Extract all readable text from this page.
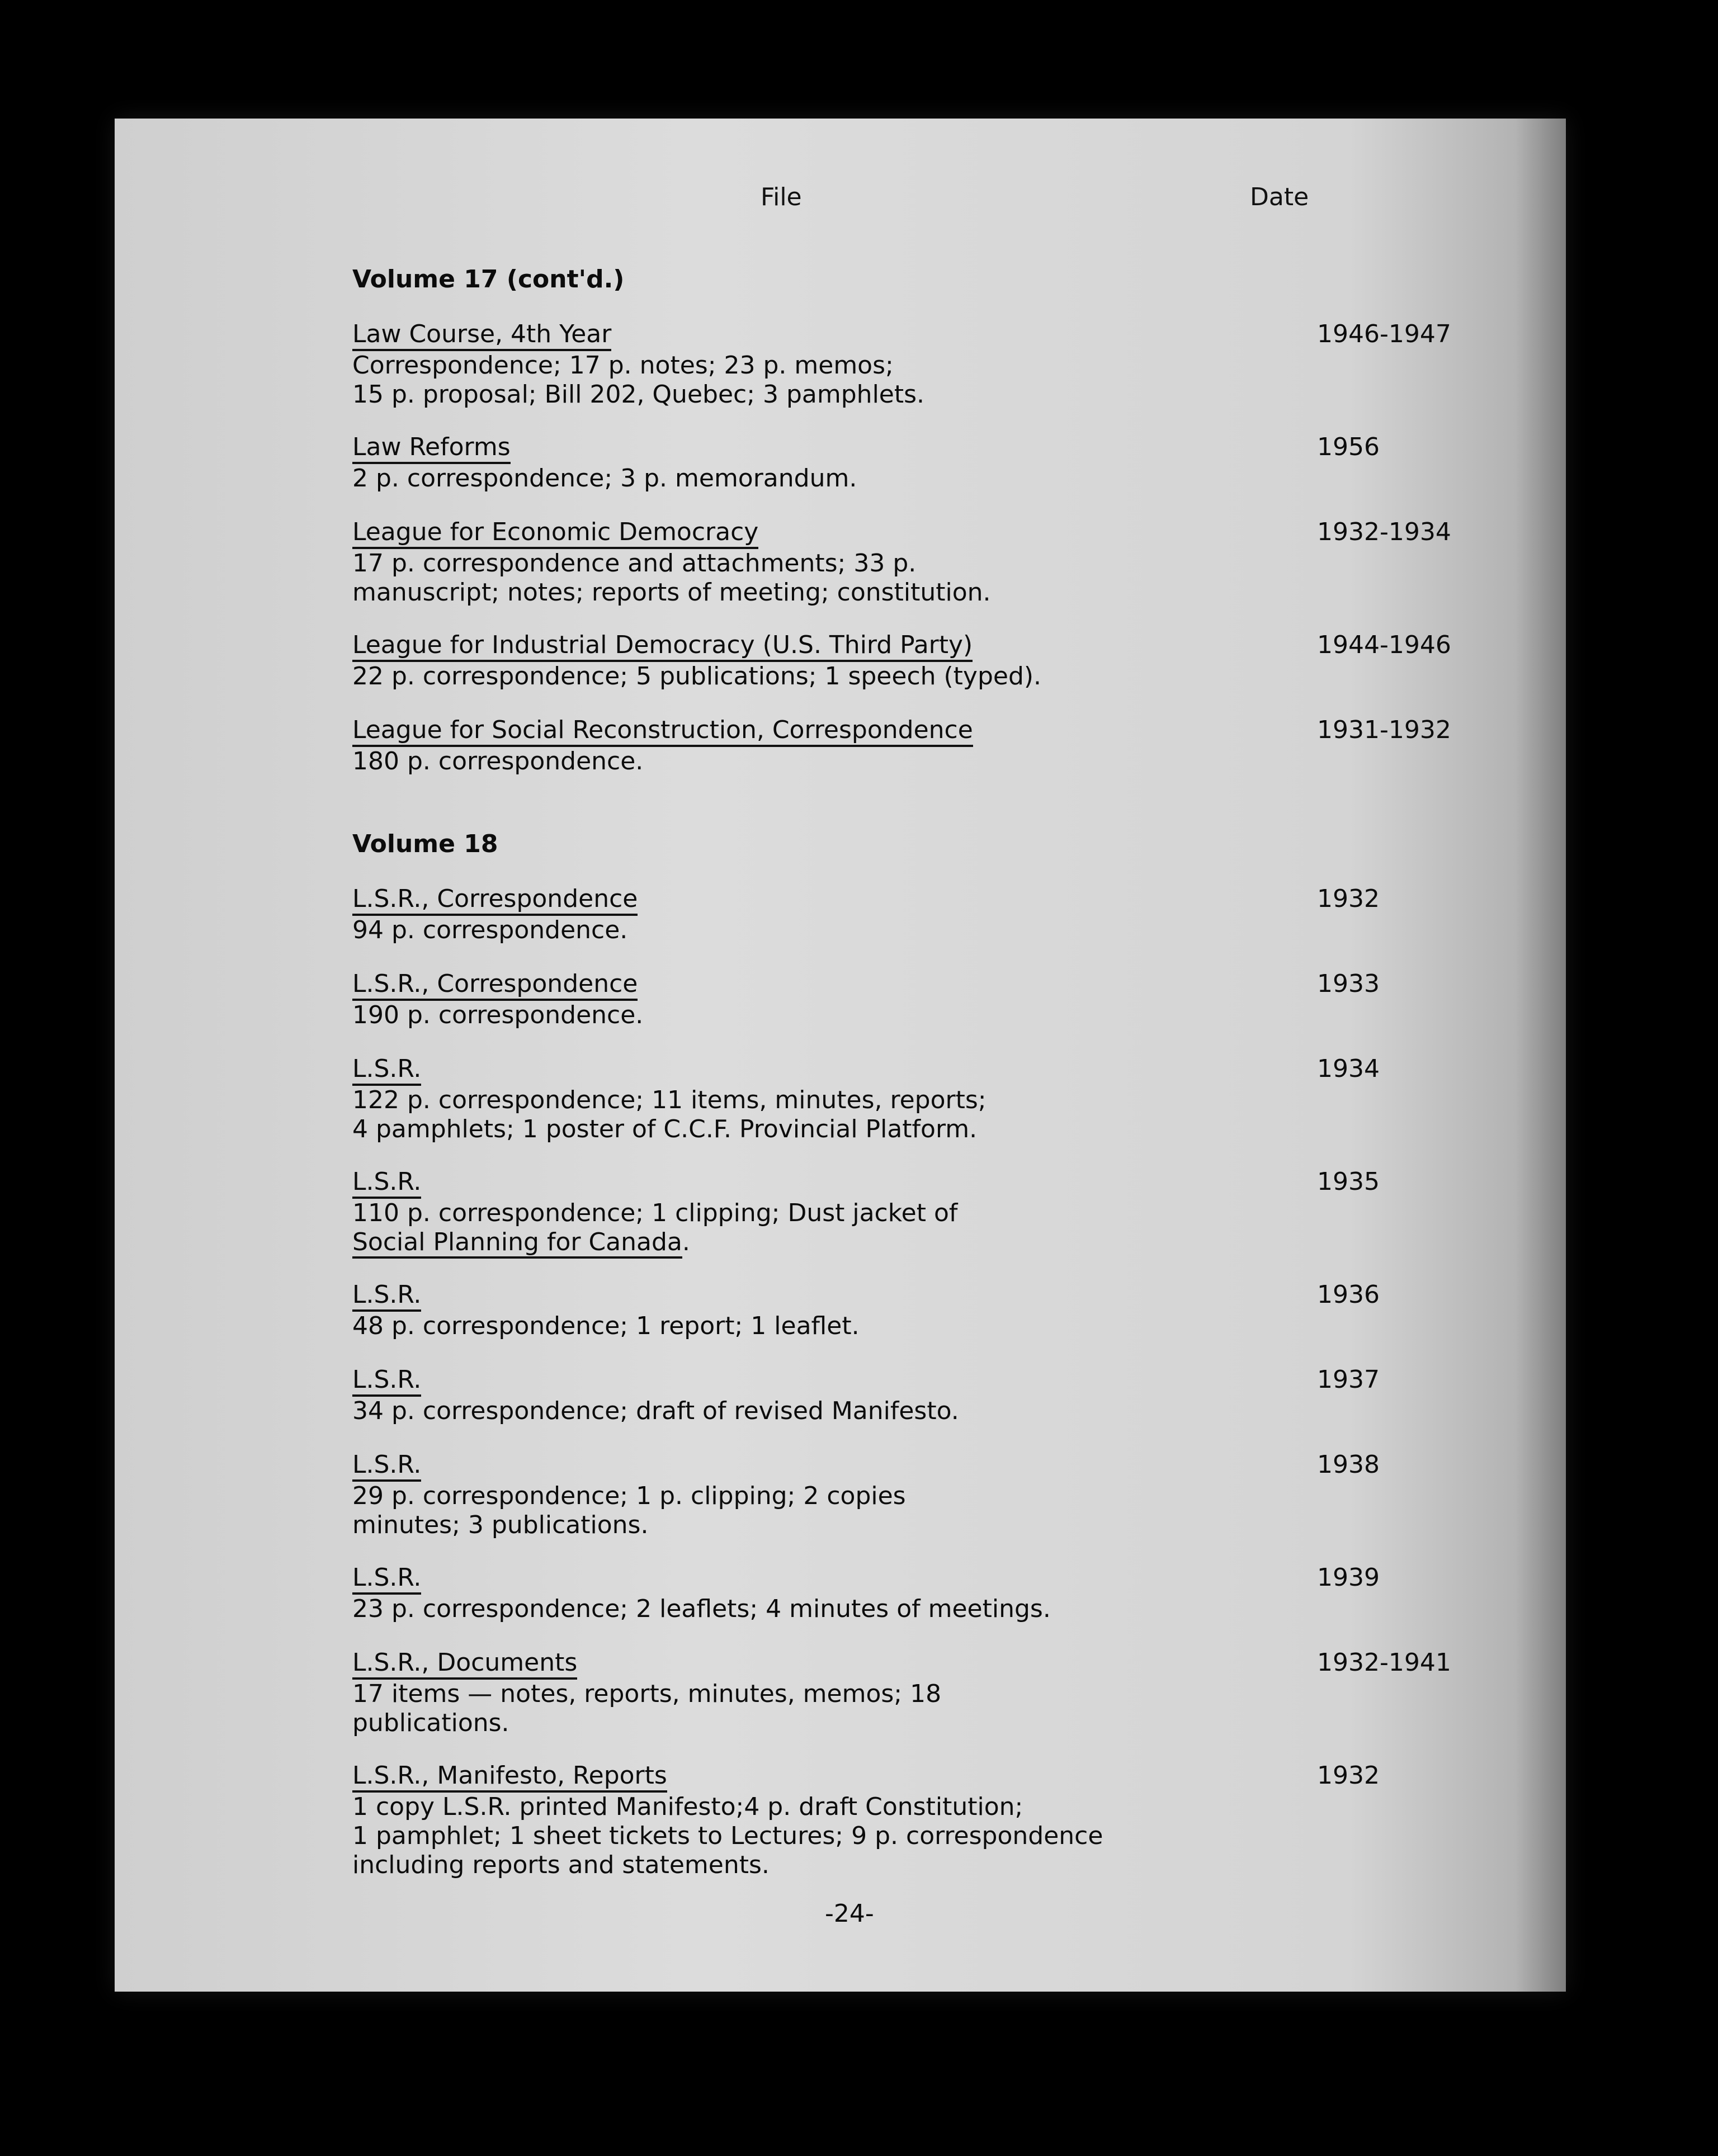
File	Date
Volume 17 (cont'd.)
Law Course, 4th Year
Correspondence; 17 p. notes; 23 p. memos;
15 p. proposal; Bill 202, Quebec; 3 pamphlets.
1946-1947
Law Reforms
2 p. correspondence; 3 p. memorandum.
1956
League for Economic Democracy
17 p. correspondence and attachments; 33 p.
manuscript; notes; reports of meeting; constitution.
1932-1934
League for Industrial Democracy (U.S. Third Party)
22 p. correspondence; 5 publications; 1 speech (typed).
1944-1946
League for Social Reconstruction, Correspondence
180 p. correspondence.
1931-1932
Volume 18
L.S.R., Correspondence
94 p. correspondence.
1932
L.S.R., Correspondence
190 p. correspondence.
1933
L.S.R.
122 p. correspondence; 11 items, minutes, reports;
4 pamphlets; 1 poster of C.C.F. Provincial Platform.
1934
L.S.R.
110 p. correspondence; 1 clipping; Dust jacket of
Social Planning for Canada.
1935
L.S.R.
48 p. correspondence; 1 report; 1 leaflet.
1936
L.S.R.
34 p. correspondence; draft of revised Manifesto.
1937
L.S.R.
29 p. correspondence; 1 p. clipping; 2 copies
minutes; 3 publications.
1938
L.S.R.
23 p. correspondence; 2 leaflets; 4 minutes of meetings.
1939
L.S.R., Documents
17 items — notes, reports, minutes, memos; 18
publications.
1932-1941
L.S.R., Manifesto, Reports
1 copy L.S.R. printed Manifesto;4 p. draft Constitution;
1 pamphlet; 1 sheet tickets to Lectures; 9 p. correspondence
including reports and statements.
1932
-24-
